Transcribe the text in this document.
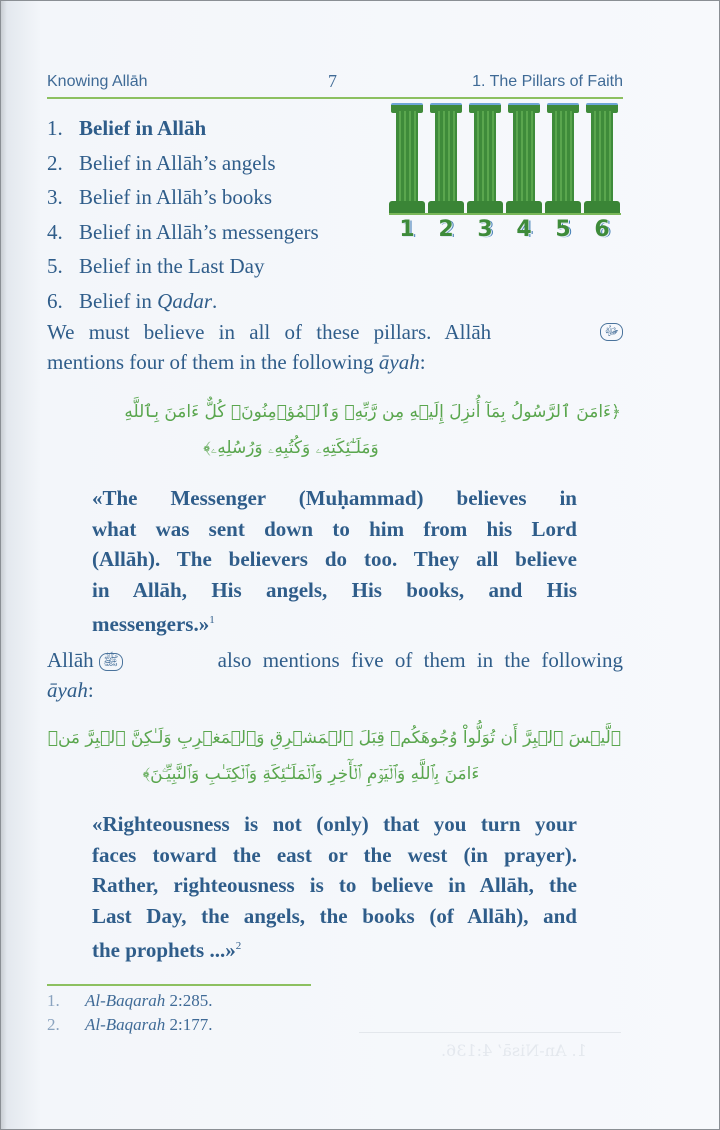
1. An-Nisā’ 4:136.
Knowing Allāh	7	1. The Pillars of Faith
1. Belief in Allāh
2. Belief in Allāh’s angels
3. Belief in Allāh’s books
4. Belief in Allāh’s messengers
5. Belief in the Last Day
6. Belief in Qadar.
1	2	3	4	5	6
We must believe in all of these pillars. Allāh	ﷻ
mentions four of them in the following āyah:
﴿ءَامَنَ ٱلرَّسُولُ بِمَآ أُنزِلَ إِلَيۡهِ مِن رَّبِّهِۦ وَٱلۡمُؤۡمِنُونَۚ كُلٌّ ءَامَنَ بِٱللَّهِ
وَمَلَـٰٓئِكَتِهِۦ وَكُتُبِهِۦ وَرُسُلِهِۦ﴾
«The Messenger (Muḥammad) believes in
what was sent down to him from his Lord
(Allāh). The believers do too. They all believe
in Allāh, His angels, His books, and His
messengers.»$^1$
Allāh ﷺ	also mentions five of them in the following
āyah:
﴿لَّيۡسَ ٱلۡبِرَّ أَن تُوَلُّواْ وُجُوهَكُمۡ قِبَلَ ٱلۡمَشۡرِقِ وَٱلۡمَغۡرِبِ وَلَـٰكِنَّ ٱلۡبِرَّ مَنۡ
ءَامَنَ بِٱللَّهِ وَٱلۡيَوۡمِ ٱلۡأٓخِرِ وَٱلۡمَلَـٰٓئِكَةِ وَٱلۡكِتَـٰبِ وَٱلنَّبِيِّـۧنَ﴾
«Righteousness is not (only) that you turn your
faces toward the east or the west (in prayer).
Rather, righteousness is to believe in Allāh, the
Last Day, the angels, the books (of Allāh), and
the prophets ...»$^2$
1. Al-Baqarah 2:285.
2. Al-Baqarah 2:177.
